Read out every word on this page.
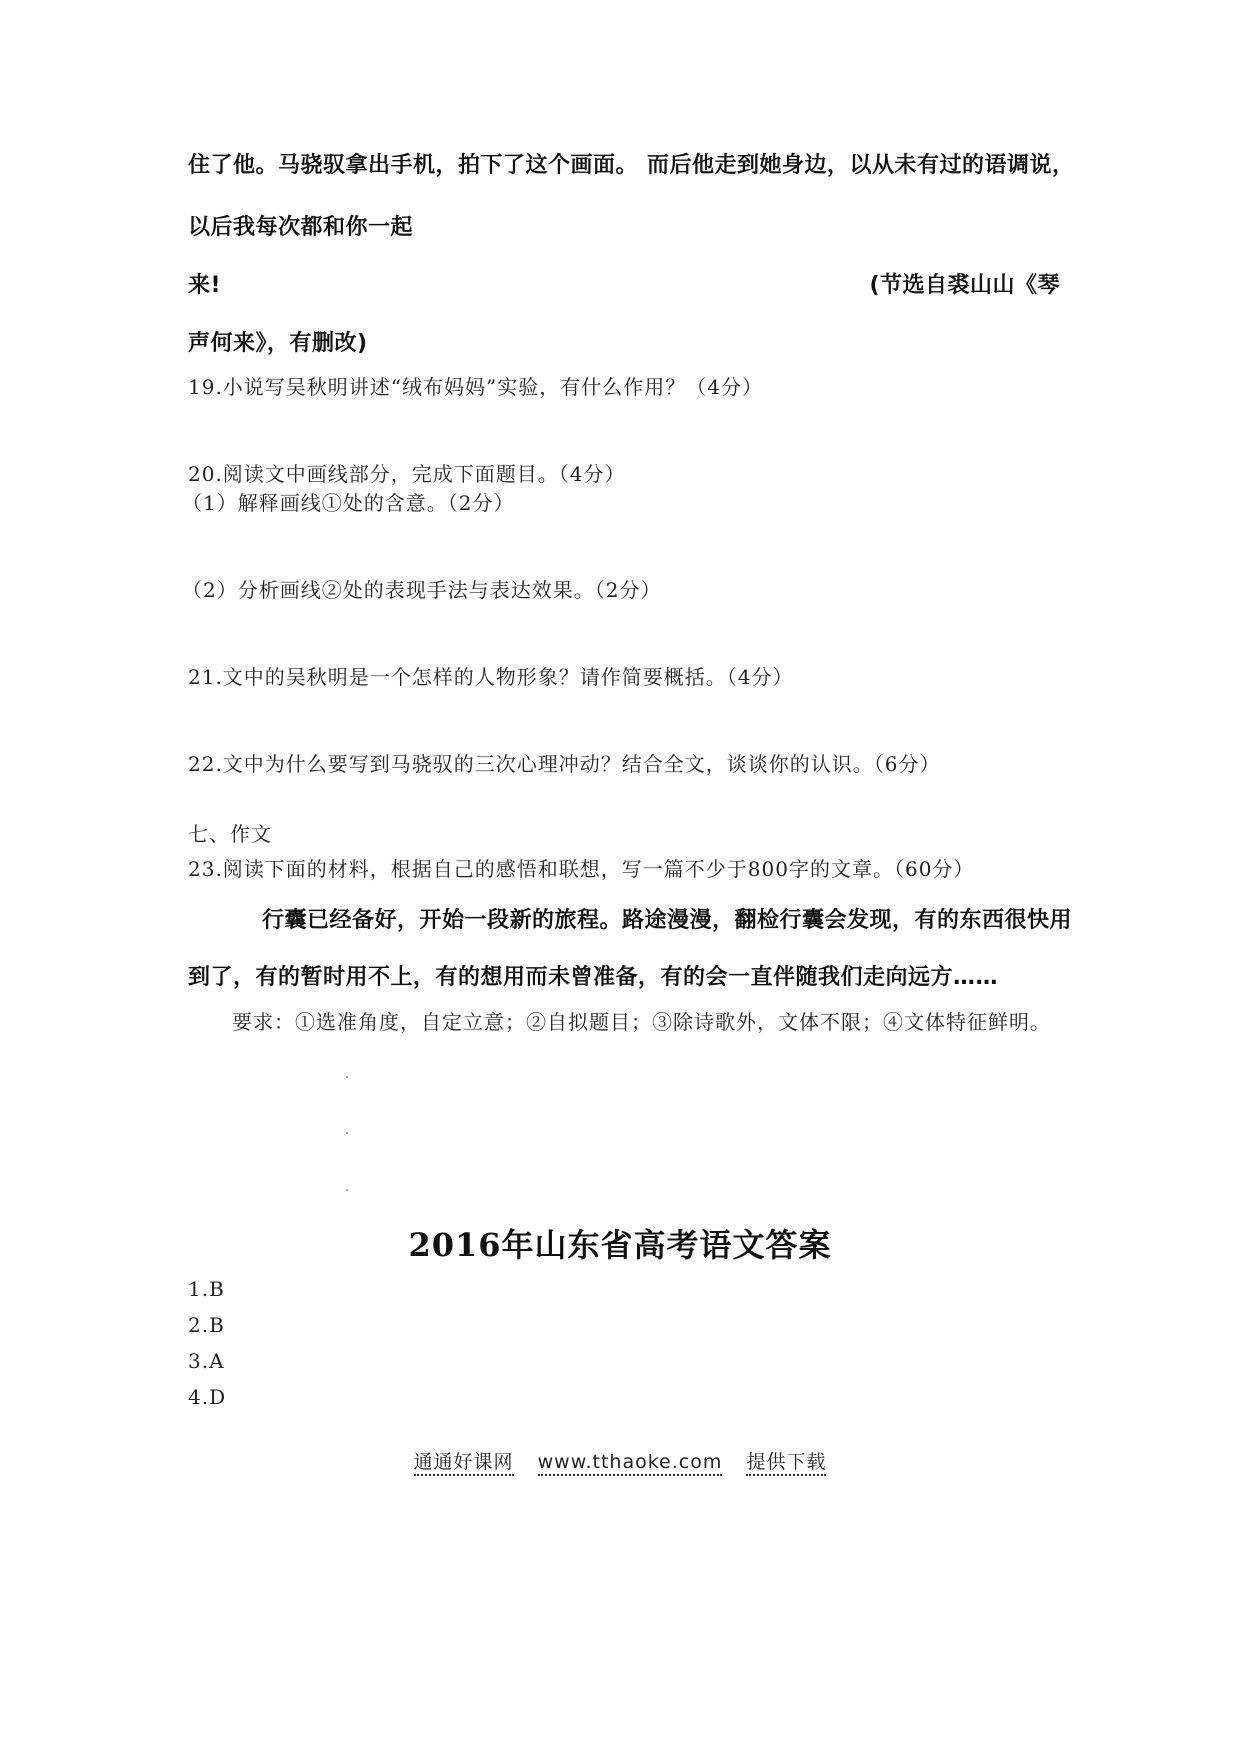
住了他。马骁驭拿出手机，拍下了这个画面。 而后他走到她身边，以从未有过的语调说，
以后我每次都和你一起
来!	(节选自裘山山《琴
声何来》，有删改)
19.小说写吴秋明讲述“绒布妈妈”实验，有什么作用？（4分）
20.阅读文中画线部分，完成下面题目。（4分）
（1）解释画线①处的含意。（2分）
（2）分析画线②处的表现手法与表达效果。（2分）
21.文中的吴秋明是一个怎样的人物形象？请作简要概括。（4分）
22.文中为什么要写到马骁驭的三次心理冲动？结合全文，谈谈你的认识。（6分）
七、作文
23.阅读下面的材料，根据自己的感悟和联想，写一篇不少于800字的文章。（60分）
行囊已经备好，开始一段新的旅程。路途漫漫，翻检行囊会发现，有的东西很快用
到了，有的暂时用不上，有的想用而未曾准备，有的会一直伴随我们走向远方……
要求：①选准角度，自定立意；②自拟题目；③除诗歌外，文体不限；④文体特征鲜明。
2016年山东省高考语文答案
1.B
2.B
3.A
4.D
通通好课网 www.tthaoke.com 提供下载
